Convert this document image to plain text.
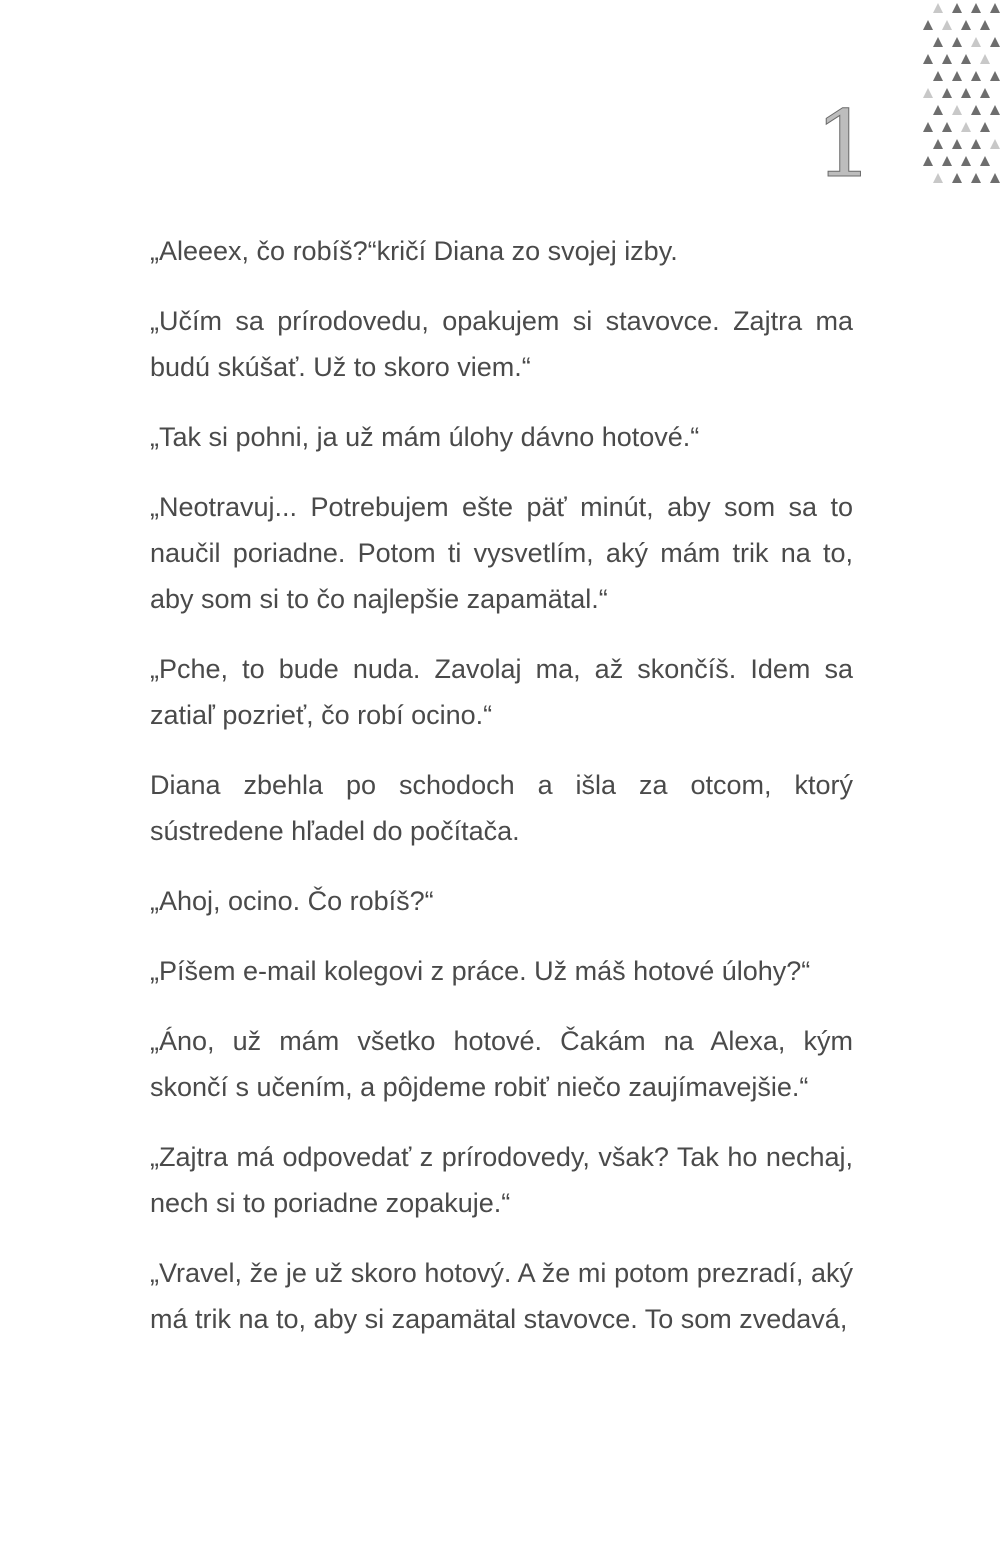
1

„Aleeex, čo robíš?“kričí Diana zo svojej izby.

„Učím sa prírodovedu, opakujem si stavovce. Zajtra ma budú skúšať. Už to skoro viem.“

„Tak si pohni, ja už mám úlohy dávno hotové.“

„Neotravuj... Potrebujem ešte päť minút, aby som sa to naučil poriadne. Potom ti vysvetlím, aký mám trik na to, aby som si to čo najlepšie zapamätal.“

„Pche, to bude nuda. Zavolaj ma, až skončíš. Idem sa zatiaľ pozrieť, čo robí ocino.“

Diana zbehla po schodoch a išla za otcom, ktorý sústredene hľadel do počítača.

„Ahoj, ocino. Čo robíš?“

„Píšem e-mail kolegovi z práce. Už máš hotové úlohy?“

„Áno, už mám všetko hotové. Čakám na Alexa, kým skončí s učením, a pôjdeme robiť niečo zaujímavejšie.“

„Zajtra má odpovedať z prírodovedy, však? Tak ho nechaj, nech si to poriadne zopakuje.“

„Vravel, že je už skoro hotový. A že mi potom prezradí, aký má trik na to, aby si zapamätal stavovce. To som zvedavá,
